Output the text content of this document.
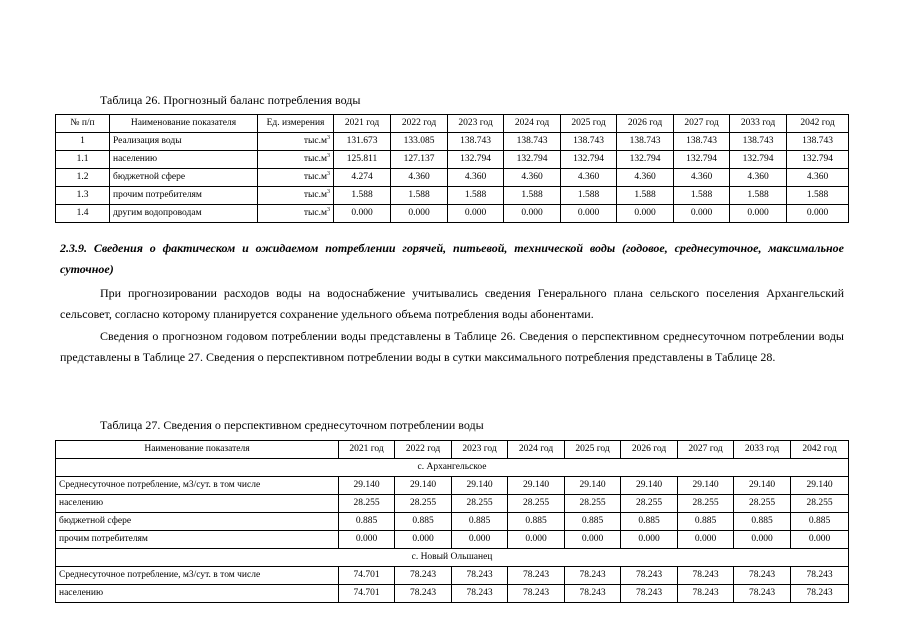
Таблица 26. Прогнозный баланс потребления воды
№ п/п	Наименование показателя	Ед. измерения	2021 год	2022 год	2023 год	2024 год	2025 год	2026 год	2027 год	2033 год	2042 год
1	Реализация воды	$тыс.м^3$	131.673	133.085	138.743	138.743	138.743	138.743	138.743	138.743	138.743
1.1	населению	$тыс.м^3$	125.811	127.137	132.794	132.794	132.794	132.794	132.794	132.794	132.794
1.2	бюджетной сфере	$тыс.м^3$	4.274	4.360	4.360	4.360	4.360	4.360	4.360	4.360	4.360
1.3	прочим потребителям	$тыс.м^3$	1.588	1.588	1.588	1.588	1.588	1.588	1.588	1.588	1.588
1.4	другим водопроводам	$тыс.м^3$	0.000	0.000	0.000	0.000	0.000	0.000	0.000	0.000	0.000
2.3.9. Сведения о фактическом и ожидаемом потреблении горячей, питьевой, технической воды (годовое, среднесуточное, максимальное суточное)
При прогнозировании расходов воды на водоснабжение учитывались сведения Генерального плана сельского поселения Архангельский сельсовет, согласно которому планируется сохранение удельного объема потребления воды абонентами.
Сведения о прогнозном годовом потреблении воды представлены в Таблице 26. Сведения о перспективном среднесуточном потреблении воды представлены в Таблице 27. Сведения о перспективном потреблении воды в сутки максимального потребления представлены в Таблице 28.
Таблица 27. Сведения о перспективном среднесуточном потреблении воды
Наименование показателя	2021 год	2022 год	2023 год	2024 год	2025 год	2026 год	2027 год	2033 год	2042 год
с. Архангельское									
Среднесуточное потребление, м3/сут. в том числе	29.140	29.140	29.140	29.140	29.140	29.140	29.140	29.140	29.140
населению	28.255	28.255	28.255	28.255	28.255	28.255	28.255	28.255	28.255
бюджетной сфере	0.885	0.885	0.885	0.885	0.885	0.885	0.885	0.885	0.885
прочим потребителям	0.000	0.000	0.000	0.000	0.000	0.000	0.000	0.000	0.000
с. Новый Ольшанец									
Среднесуточное потребление, м3/сут. в том числе	74.701	78.243	78.243	78.243	78.243	78.243	78.243	78.243	78.243
населению	74.701	78.243	78.243	78.243	78.243	78.243	78.243	78.243	78.243
